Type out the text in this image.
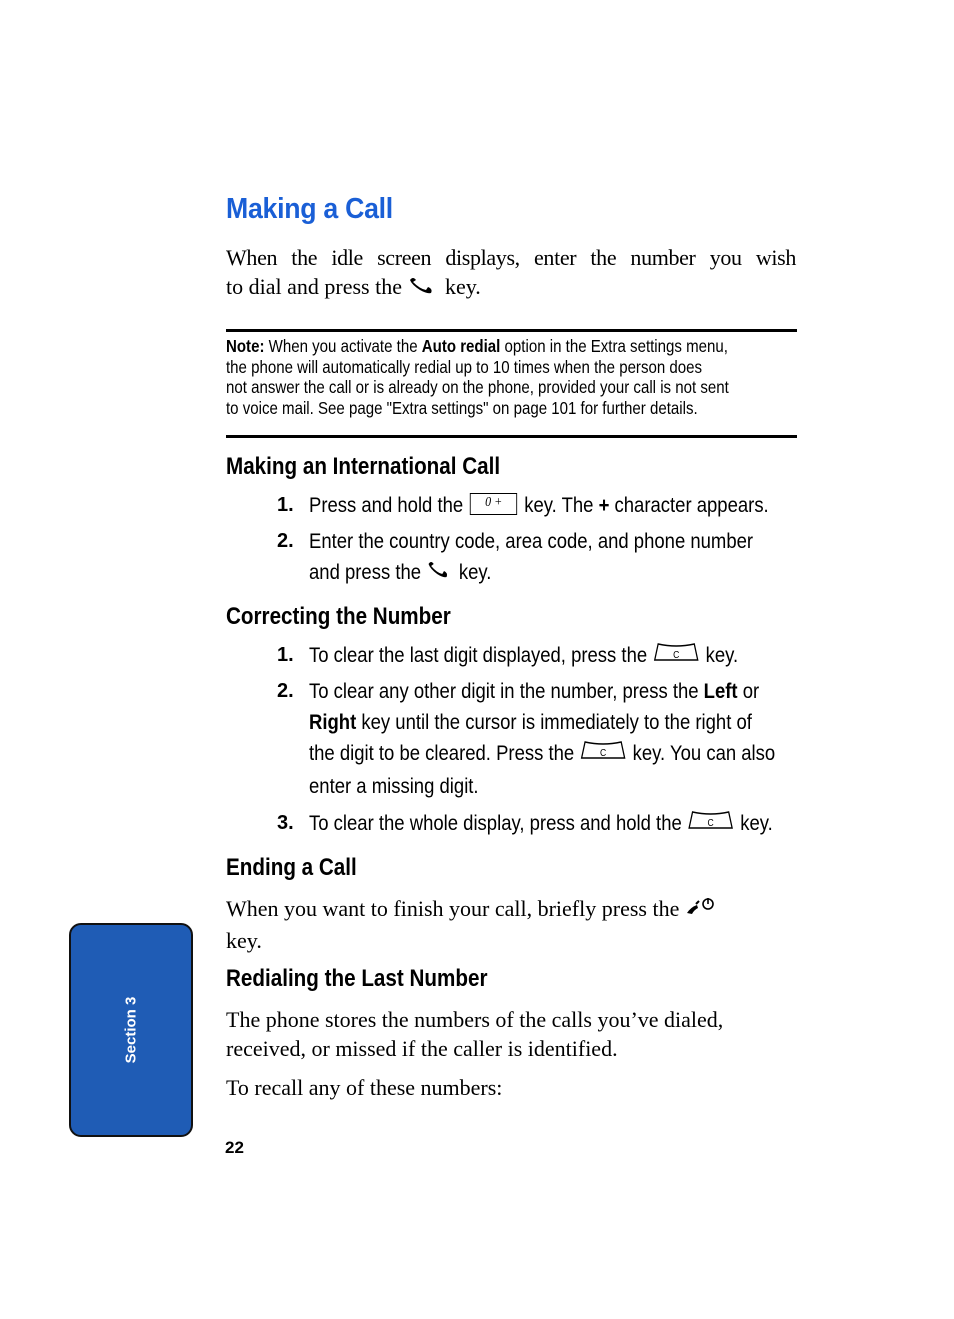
Making a Call
When the idle screen displays, enter the number you wish
to dial and press the key.
Note: When you activate the Auto redial option in the Extra settings menu,
the phone will automatically redial up to 10 times when the person does
not answer the call or is already on the phone, provided your call is not sent
to voice mail. See page "Extra settings" on page 101 for further details.
Making an International Call
1. Press and hold the 0 + key. The + character appears.
2. Enter the country code, area code, and phone number
and press the key.
Correcting the Number
1. To clear the last digit displayed, press the	C key.
2. To clear any other digit in the number, press the Left or
Right key until the cursor is immediately to the right of
the digit to be cleared. Press the	C key. You can also
enter a missing digit.
3. To clear the whole display, press and hold the	C key.
Ending a Call
When you want to finish your call, briefly press the
key.
Redialing the Last Number
The phone stores the numbers of the calls you’ve dialed,
received, or missed if the caller is identified.
To recall any of these numbers:
Section 3
22
